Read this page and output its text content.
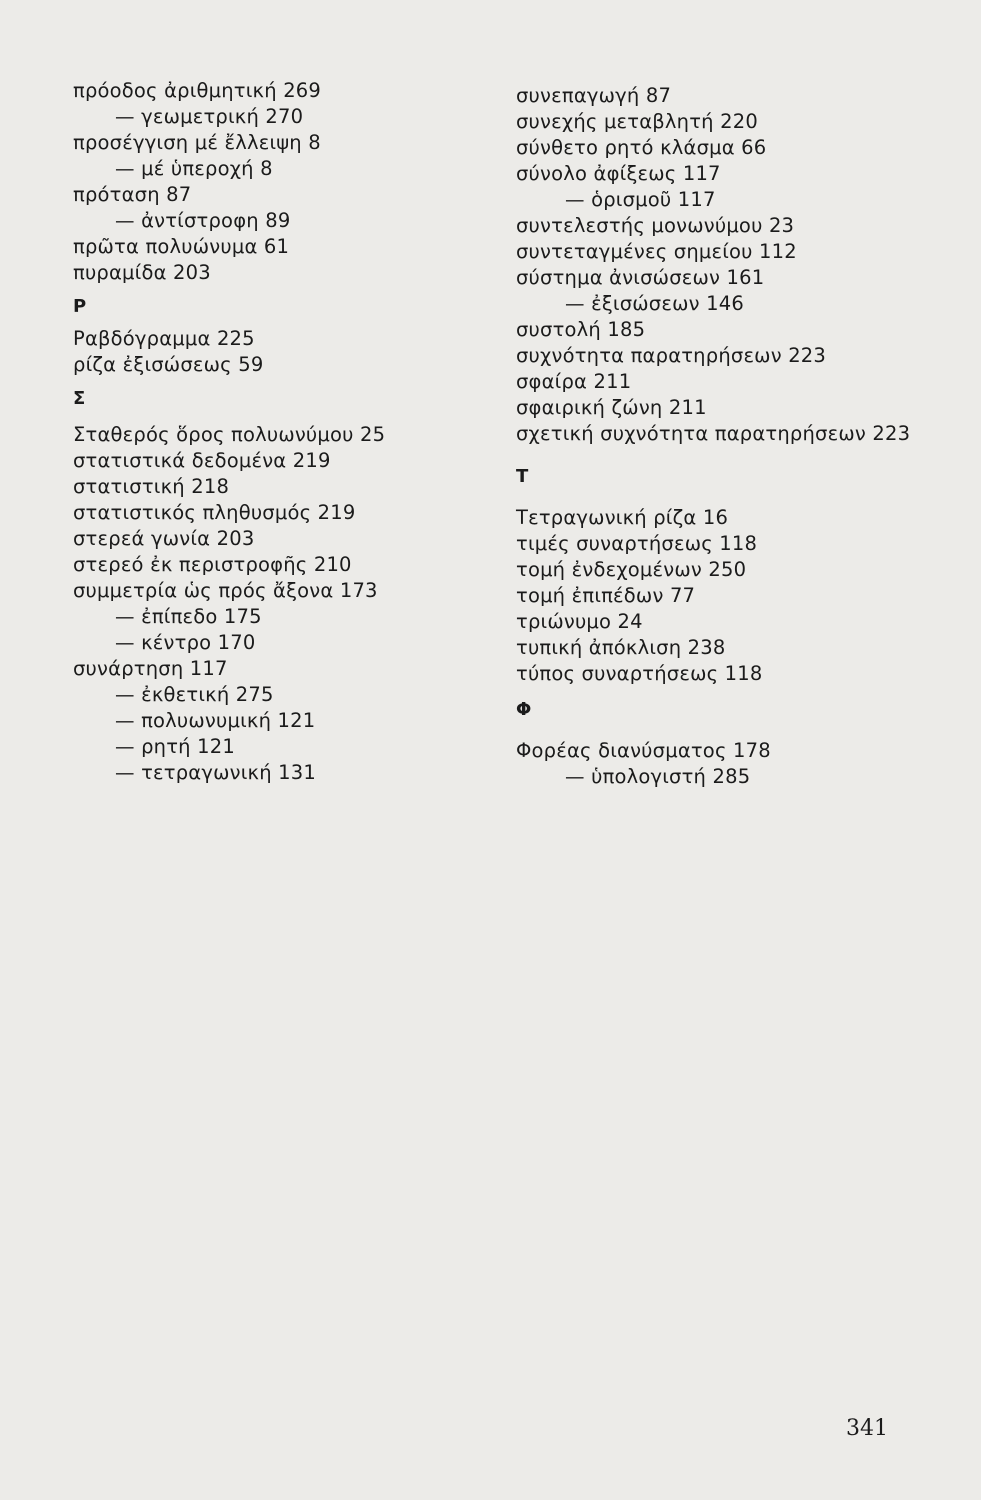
πρόοδος ἀριθμητική 269
— γεωμετρική 270
προσέγγιση μέ ἔλλειψη 8
— μέ ὑπεροχή 8
πρόταση 87
— ἀντίστροφη 89
πρῶτα πολυώνυμα 61
πυραμίδα 203
Ρ
Ραβδόγραμμα 225
ρίζα ἐξισώσεως 59
Σ
Σταθερός ὅρος πολυωνύμου 25
στατιστικά δεδομένα 219
στατιστική 218
στατιστικός πληθυσμός 219
στερεά γωνία 203
στερεό ἐκ περιστροφῆς 210
συμμετρία ὡς πρός ἄξονα 173
— ἐπίπεδο 175
— κέντρο 170
συνάρτηση 117
— ἐκθετική 275
— πολυωνυμική 121
— ρητή 121
— τετραγωνική 131
συνεπαγωγή 87
συνεχής μεταβλητή 220
σύνθετο ρητό κλάσμα 66
σύνολο ἀφίξεως 117
— ὁρισμοῦ 117
συντελεστής μονωνύμου 23
συντεταγμένες σημείου 112
σύστημα ἀνισώσεων 161
— ἐξισώσεων 146
συστολή 185
συχνότητα παρατηρήσεων 223
σφαίρα 211
σφαιρική ζώνη 211
σχετική συχνότητα παρατηρήσεων 223
Τ
Τετραγωνική ρίζα 16
τιμές συναρτήσεως 118
τομή ἐνδεχομένων 250
τομή ἐπιπέδων 77
τριώνυμο 24
τυπική ἀπόκλιση 238
τύπος συναρτήσεως 118
Φ
Φορέας διανύσματος 178
— ὑπολογιστή 285
341
